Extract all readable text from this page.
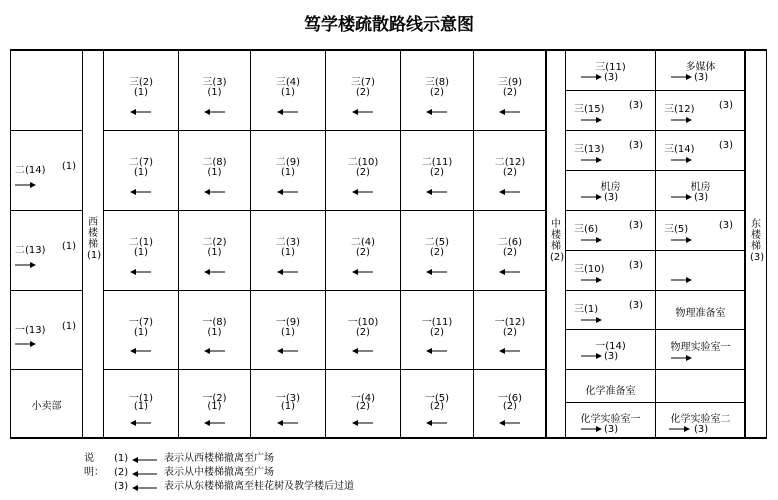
笃学楼疏散路线示意图
二(14) (1)
二(13) (1)
一(13) (1)
小卖部
西楼梯(1)
三(2)
(1)
三(3)
(1)
三(4)
(1)
三(7)
(2)
三(8)
(2)
三(9)
(2)
二(7)
(1)
二(8)
(1)
二(9)
(1)
二(10)
(2)
二(11)
(2)
二(12)
(2)
二(1)
(1)
二(2)
(1)
二(3)
(1)
二(4)
(2)
二(5)
(2)
二(6)
(2)
一(7)
(1)
一(8)
(1)
一(9)
(1)
一(10)
(2)
一(11)
(2)
一(12)
(2)
一(1)
(1)
一(2)
(1)
一(3)
(1)
一(4)
(2)
一(5)
(2)
一(6)
(2)
中楼梯(2)
三(11)
(3)
多媒体
(3)
三(15) (3) 三(12) (3)
三(13) (3) 三(14) (3)
机房
(3)
机房
(3)
三(6)	(3) 三(5)	(3)
三(10) (3)
三(1)	(3)
物理准备室
一(14)
(3)
物理实验室一
化学准备室
化学实验室一
(3)
化学实验室二
(3)
东楼梯(3)
说明：
(1)	表示从西楼梯撤离至广场
(2)	表示从中楼梯撤离至广场
(3)	表示从东楼梯撤离至桂花树及教学楼后过道
